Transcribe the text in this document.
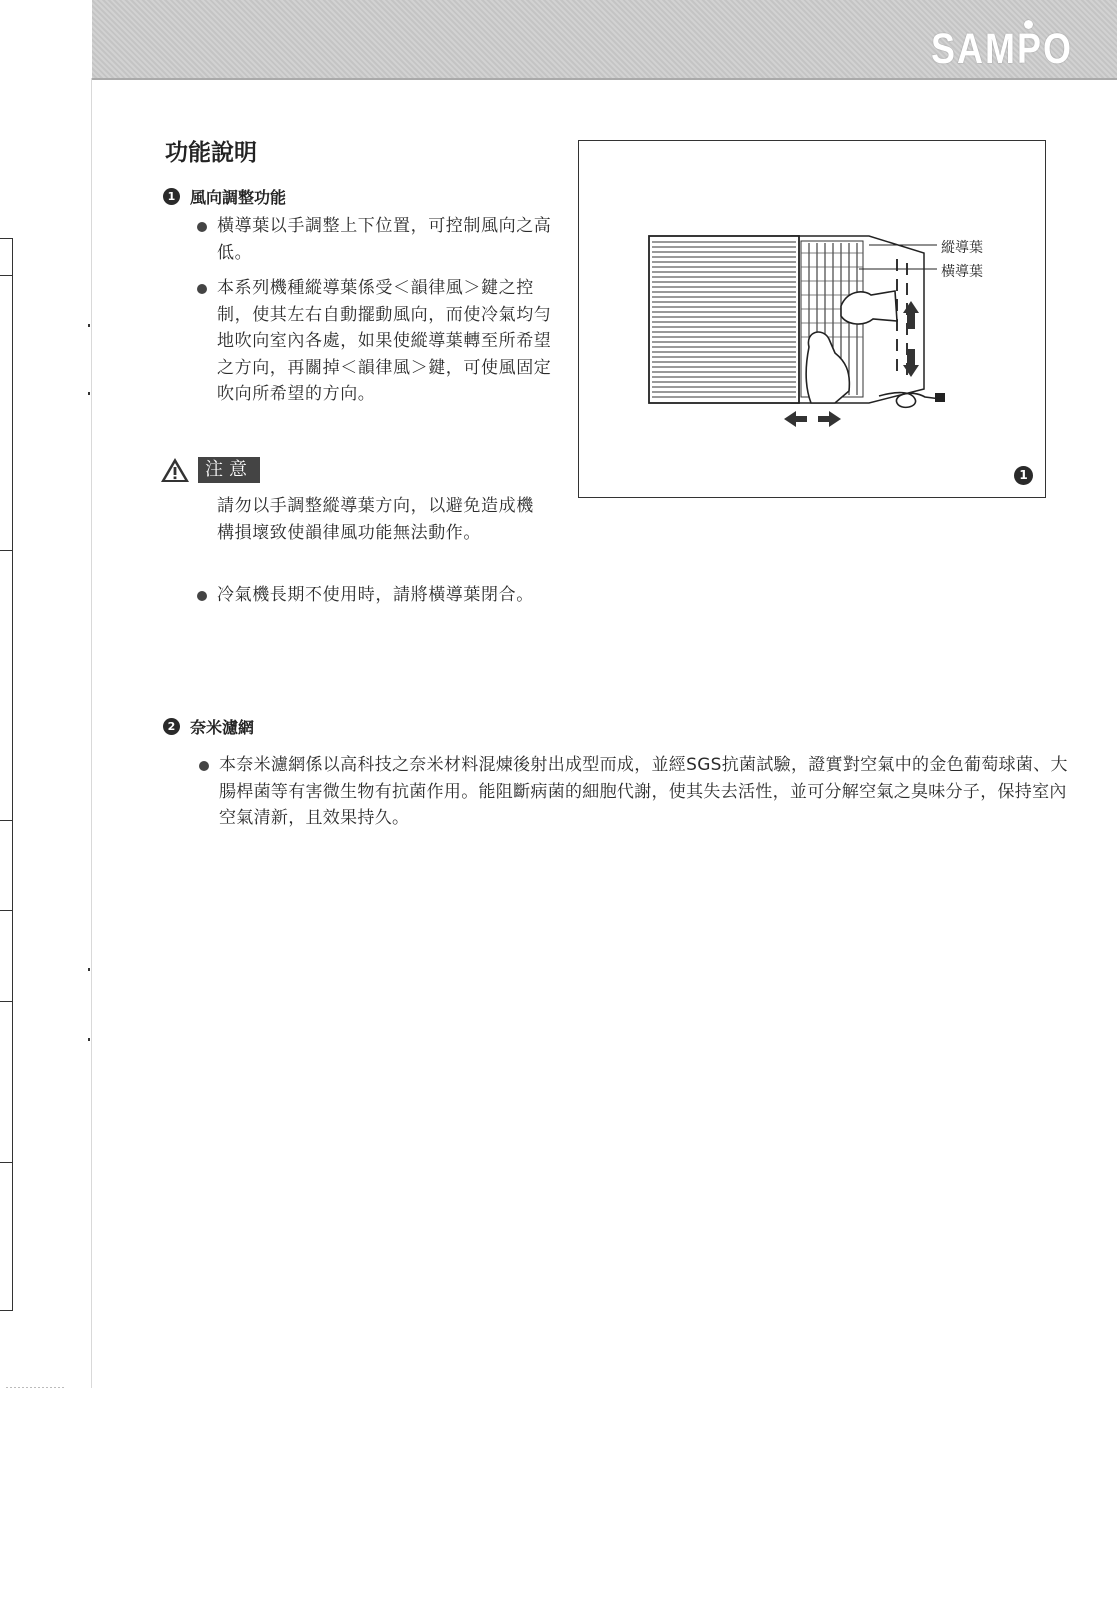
SAMPO
功能說明
1 風向調整功能
橫導葉以手調整上下位置，可控制風向之高低。
本系列機種縱導葉係受＜韻律風＞鍵之控制，使其左右自動擺動風向，而使冷氣均勻地吹向室內各處，如果使縱導葉轉至所希望之方向，再關掉＜韻律風＞鍵，可使風固定吹向所希望的方向。
注意
請勿以手調整縱導葉方向，以避免造成機構損壞致使韻律風功能無法動作。
冷氣機長期不使用時，請將橫導葉閉合。
縱導葉
橫導葉
1
2 奈米濾網
本奈米濾網係以高科技之奈米材料混煉後射出成型而成，並經SGS抗菌試驗，證實對空氣中的金色葡萄球菌、大腸桿菌等有害微生物有抗菌作用。能阻斷病菌的細胞代謝，使其失去活性，並可分解空氣之臭味分子，保持室內空氣清新，且效果持久。
